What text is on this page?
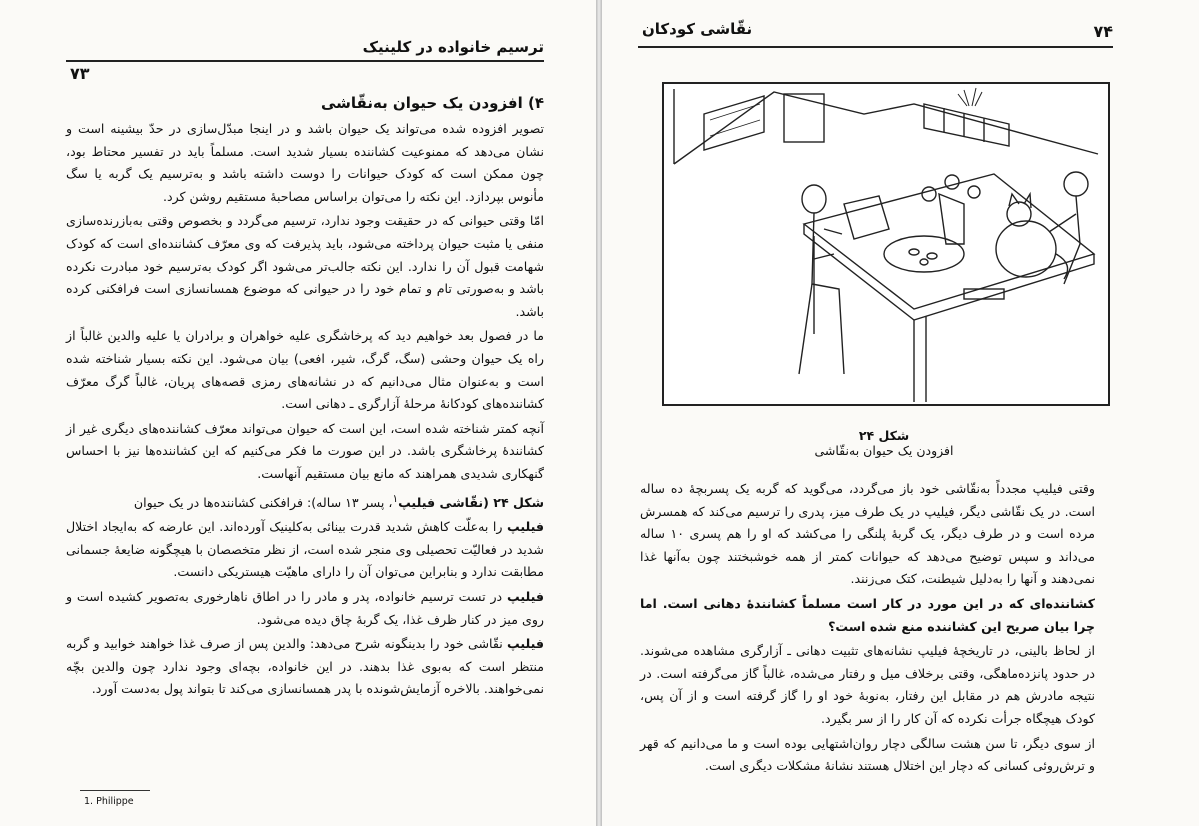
ترسیم خانواده در کلینیک
۷۳
۴) افزودن یک حیوان به‌نقّاشی

تصویر افزوده شده می‌تواند یک حیوان باشد و در اینجا مبدّل‌سازی در حدّ بیشینه است و نشان می‌دهد که ممنوعیت کشاننده بسیار شدید است. مسلماً باید در تفسیر محتاط بود، چون ممکن است که کودک حیوانات را دوست داشته باشد و به‌ترسیم یک گربه یا سگ مأنوس بپردازد. این نکته را می‌توان براساس مصاحبهٔ مستقیم روشن کرد.

امّا وقتی حیوانی که در حقیقت وجود ندارد، ترسیم می‌گردد و بخصوص وقتی به‌بازرنده‌سازی منفی یا مثبت حیوان پرداخته می‌شود، باید پذیرفت که وی معرّف کشاننده‌ای است که کودک شهامت قبول آن را ندارد. این نکته جالب‌تر می‌شود اگر کودک به‌ترسیم خود مبادرت نکرده باشد و به‌صورتی تام و تمام خود را در حیوانی که موضوع همسانسازی است فرافکنی کرده باشد.

ما در فصول بعد خواهیم دید که پرخاشگری علیه خواهران و برادران یا علیه والدین غالباً از راه یک حیوان وحشی (سگ، گرگ، شیر، افعی) بیان می‌شود. این نکته بسیار شناخته شده است و به‌عنوان مثال می‌دانیم که در نشانه‌های رمزی قصه‌های پریان، غالباً گرگ معرّف کشاننده‌های کودکانهٔ مرحلهٔ آزارگری ـ دهانی است.

آنچه کمتر شناخته شده است، این است که حیوان می‌تواند معرّف کشاننده‌های دیگری غیر از کشانندهٔ پرخاشگری باشد. در این صورت ما فکر می‌کنیم که این کشاننده‌ها نیز با احساس گنهکاری شدیدی همراهند که مانع بیان مستقیم آنهاست.

شکل ۲۴ (نقّاشی فیلیپ$^۱$، پسر ۱۳ ساله): فرافکنی کشاننده‌ها در یک حیوان

فیلیپ را به‌علّت کاهش شدید قدرت بینائی به‌کلینیک آورده‌اند. این عارضه که به‌ایجاد اختلال شدید در فعالیّت تحصیلی وی منجر شده است، از نظر متخصصان با هیچگونه ضایعهٔ جسمانی مطابقت ندارد و بنابراین می‌توان آن را دارای ماهیّت هیستریکی دانست.

فیلیپ در تست ترسیم خانواده، پدر و مادر را در اطاق ناهارخوری به‌تصویر کشیده است و روی میز در کنار ظرف غذا، یک گربهٔ چاق دیده می‌شود.

فیلیپ نقّاشی خود را بدینگونه شرح می‌دهد: والدین پس از صرف غذا خواهند خوابید و گربه منتظر است که به‌بوی غذا بدهند. در این خانواده، بچه‌ای وجود ندارد چون والدین بچّه نمی‌خواهند. بالاخره آزمایش‌شونده با پدر همسانسازی می‌کند تا بتواند پول به‌دست آورد.

1. Philippe
۷۴
نقّاشی کودکان
شکل ۲۴
افزودن یک حیوان به‌نقّاشی

وقتی فیلیپ مجدداً به‌نقّاشی خود باز می‌گردد، می‌گوید که گربه یک پسربچهٔ ده ساله است. در یک نقّاشی دیگر، فیلیپ در یک طرف میز، پدری را ترسیم می‌کند که همسرش مرده است و در طرف دیگر، یک گربهٔ پلنگی را می‌کشد که او را هم پسری ۱۰ ساله می‌داند و سپس توضیح می‌دهد که حیوانات کمتر از همه خوشبختند چون به‌آنها غذا نمی‌دهند و آنها را به‌دلیل شیطنت، کتک می‌زنند.

کشاننده‌ای که در این مورد در کار است مسلماً کشانندهٔ دهانی است. اما چرا بیان صریح این کشاننده منع شده است؟

از لحاظ بالینی، در تاریخچهٔ فیلیپ نشانه‌های تثبیت دهانی ـ آزارگری مشاهده می‌شوند. در حدود پانزده‌ماهگی، وقتی برخلاف میل و رفتار می‌شده، غالباً گاز می‌گرفته است. در نتیجه مادرش هم در مقابل این رفتار، به‌نوبهٔ خود او را گاز گرفته است و از آن پس، کودک هیچگاه جرأت نکرده که آن کار را از سر بگیرد.

از سوی دیگر، تا سن هشت سالگی دچار روان‌اشتهایی بوده است و ما می‌دانیم که قهر و ترش‌روئی کسانی که دچار این اختلال هستند نشانهٔ مشکلات دیگری است.
